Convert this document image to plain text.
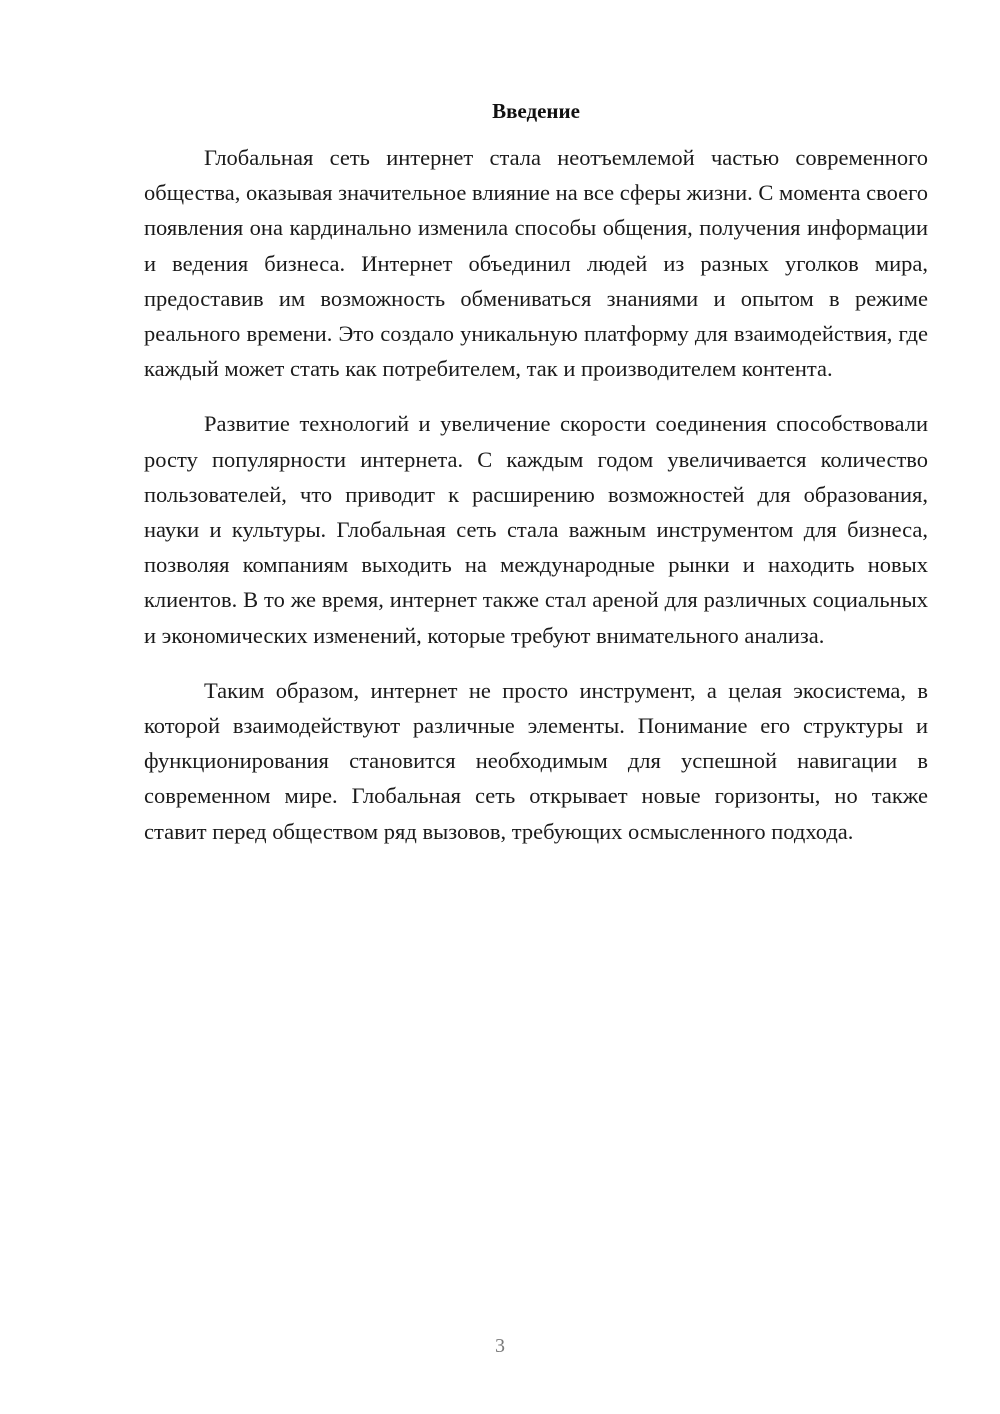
Введение

Глобальная сеть интернет стала неотъемлемой частью современного общества, оказывая значительное влияние на все сферы жизни. С момента своего появления она кардинально изменила способы общения, получения информации и ведения бизнеса. Интернет объединил людей из разных уголков мира, предоставив им возможность обмениваться знаниями и опытом в режиме реального времени. Это создало уникальную платформу для взаимодействия, где каждый может стать как потребителем, так и производителем контента.

Развитие технологий и увеличение скорости соединения способствовали росту популярности интернета. С каждым годом увеличивается количество пользователей, что приводит к расширению возможностей для образования, науки и культуры. Глобальная сеть стала важным инструментом для бизнеса, позволяя компаниям выходить на международные рынки и находить новых клиентов. В то же время, интернет также стал ареной для различных социальных и экономических изменений, которые требуют внимательного анализа.

Таким образом, интернет не просто инструмент, а целая экосистема, в которой взаимодействуют различные элементы. Понимание его структуры и функционирования становится необходимым для успешной навигации в современном мире. Глобальная сеть открывает новые горизонты, но также ставит перед обществом ряд вызовов, требующих осмысленного подхода.

3
